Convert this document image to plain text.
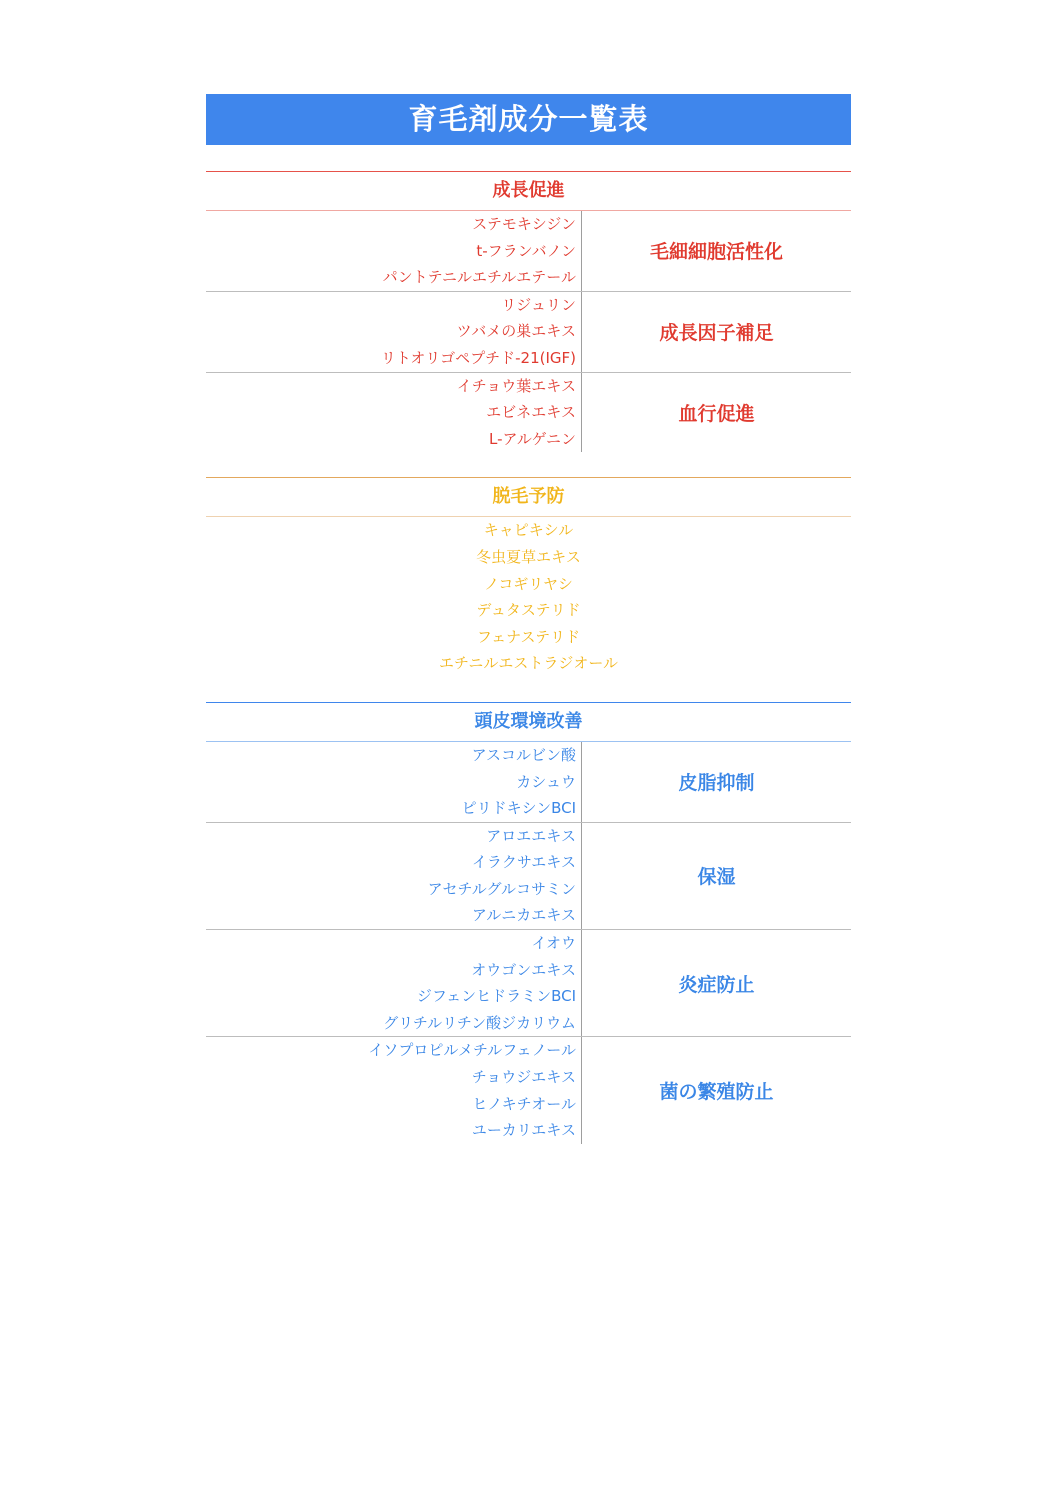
育毛剤成分一覧表
成長促進
ステモキシジン
t-フランバノン
パントテニルエチルエテール
毛細細胞活性化
リジュリン
ツバメの巣エキス
リトオリゴペプチド-21(IGF)
成長因子補足
イチョウ葉エキス
エビネエキス
L-アルゲニン
血行促進
脱毛予防
キャピキシル
冬虫夏草エキス
ノコギリヤシ
デュタステリド
フェナステリド
エチニルエストラジオール
頭皮環境改善
アスコルビン酸
カシュウ
ピリドキシンBCI
皮脂抑制
アロエエキス
イラクサエキス
アセチルグルコサミン
アルニカエキス
保湿
イオウ
オウゴンエキス
ジフェンヒドラミンBCI
グリチルリチン酸ジカリウム
炎症防止
イソプロピルメチルフェノール
チョウジエキス
ヒノキチオール
ユーカリエキス
菌の繁殖防止
